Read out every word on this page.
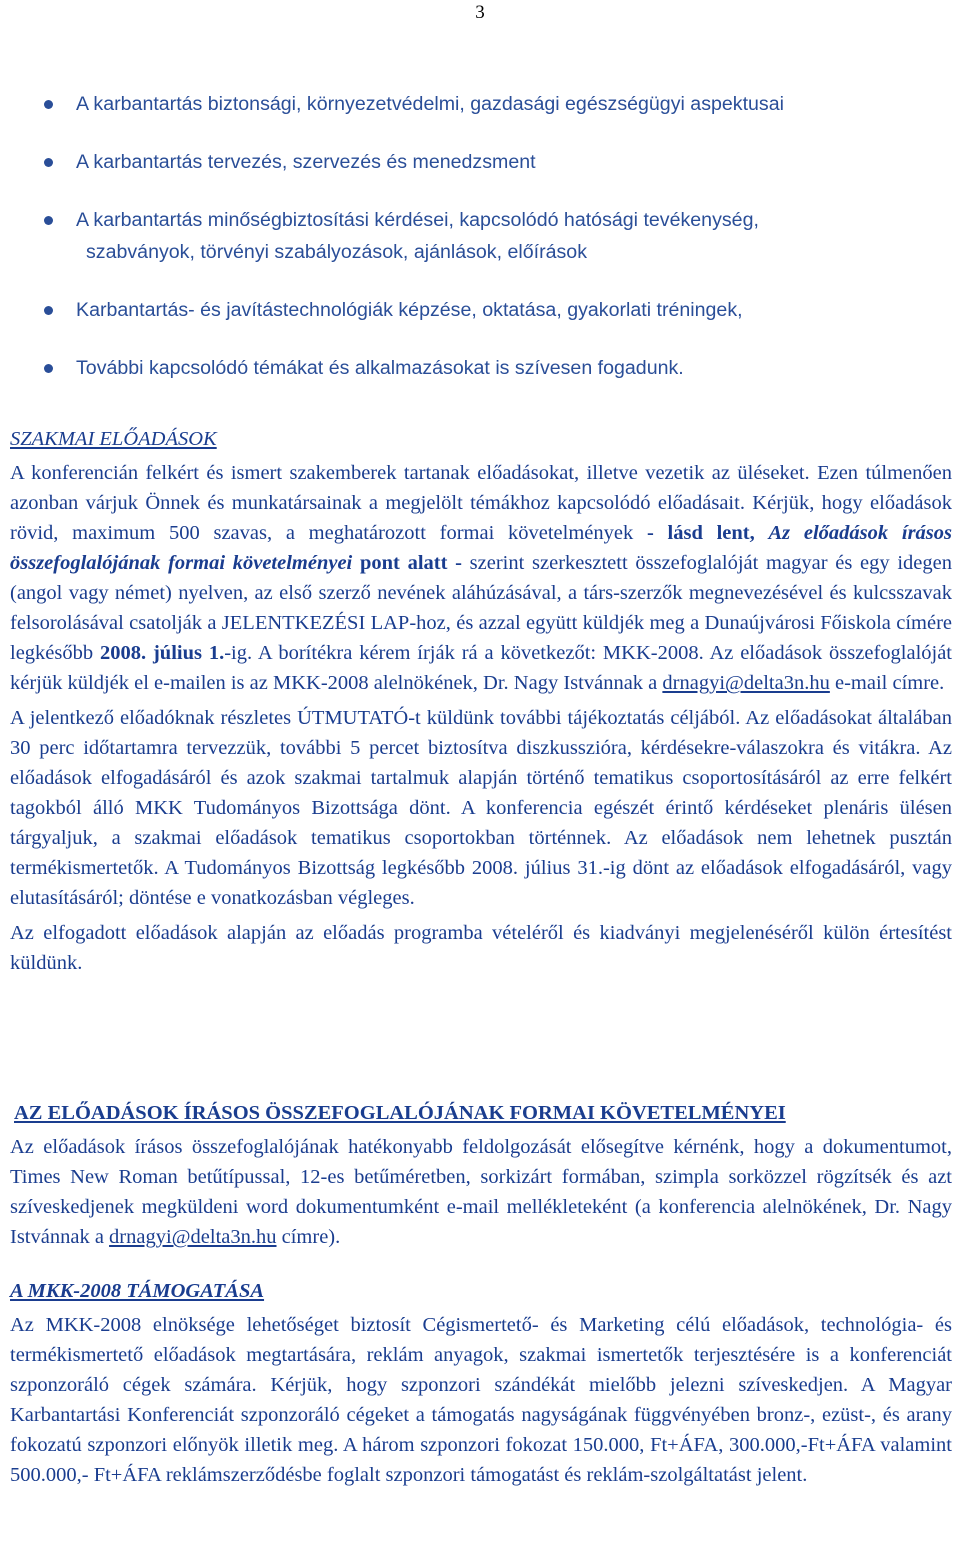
3
A karbantartás biztonsági, környezetvédelmi, gazdasági egészségügyi aspektusai
A karbantartás tervezés, szervezés és menedzsment
A karbantartás minőségbiztosítási kérdései, kapcsolódó hatósági tevékenység,
szabványok, törvényi szabályozások, ajánlások, előírások
Karbantartás- és javítástechnológiák képzése, oktatása, gyakorlati tréningek,
További kapcsolódó témákat és alkalmazásokat is szívesen fogadunk.

SZAKMAI ELŐADÁSOK

A konferencián felkért és ismert szakemberek tartanak előadásokat, illetve vezetik az üléseket. Ezen túlmenően azonban várjuk Önnek és munkatársainak a megjelölt témákhoz kapcsolódó előadásait. Kérjük, hogy előadások rövid, maximum 500 szavas, a meghatározott formai követelmények - lásd lent, Az előadások írásos összefoglalójának formai követelményei pont alatt - szerint szerkesztett összefoglalóját magyar és egy idegen (angol vagy német) nyelven, az első szerző nevének aláhúzásával, a társ-szerzők megnevezésével és kulcsszavak felsorolásával csatolják a JELENTKEZÉSI LAP-hoz, és azzal együtt küldjék meg a Dunaújvárosi Főiskola címére legkésőbb 2008. július 1.-ig. A borítékra kérem írják rá a következőt: MKK-2008. Az előadások összefoglalóját kérjük küldjék el e-mailen is az MKK-2008 alelnökének, Dr. Nagy Istvánnak a drnagyi@delta3n.hu e-mail címre.

A jelentkező előadóknak részletes ÚTMUTATÓ-t küldünk további tájékoztatás céljából. Az előadásokat általában 30 perc időtartamra tervezzük, további 5 percet biztosítva diszkusszióra, kérdésekre-válaszokra és vitákra. Az előadások elfogadásáról és azok szakmai tartalmuk alapján történő tematikus csoportosításáról az erre felkért tagokból álló MKK Tudományos Bizottsága dönt. A konferencia egészét érintő kérdéseket plenáris ülésen tárgyaljuk, a szakmai előadások tematikus csoportokban történnek. Az előadások nem lehetnek pusztán termékismertetők. A Tudományos Bizottság legkésőbb 2008. július 31.-ig dönt az előadások elfogadásáról, vagy elutasításáról; döntése e vonatkozásban végleges.

Az elfogadott előadások alapján az előadás programba vételéről és kiadványi megjelenéséről külön értesítést küldünk.

AZ ELŐADÁSOK ÍRÁSOS ÖSSZEFOGLALÓJÁNAK FORMAI KÖVETELMÉNYEI

Az előadások írásos összefoglalójának hatékonyabb feldolgozását elősegítve kérnénk, hogy a dokumentumot, Times New Roman betűtípussal, 12-es betűméretben, sorkizárt formában, szimpla sorközzel rögzítsék és azt szíveskedjenek megküldeni word dokumentumként e-mail mellékleteként (a konferencia alelnökének, Dr. Nagy Istvánnak a drnagyi@delta3n.hu címre).

A MKK-2008 TÁMOGATÁSA

Az MKK-2008 elnöksége lehetőséget biztosít Cégismertető- és Marketing célú előadások, technológia- és termékismertető előadások megtartására, reklám anyagok, szakmai ismertetők terjesztésére is a konferenciát szponzoráló cégek számára. Kérjük, hogy szponzori szándékát mielőbb jelezni szíveskedjen. A Magyar Karbantartási Konferenciát szponzoráló cégeket a támogatás nagyságának függvényében bronz-, ezüst-, és arany fokozatú szponzori előnyök illetik meg. A három szponzori fokozat 150.000, Ft+ÁFA, 300.000,-Ft+ÁFA valamint 500.000,- Ft+ÁFA reklámszerződésbe foglalt szponzori támogatást és reklám-szolgáltatást jelent.
